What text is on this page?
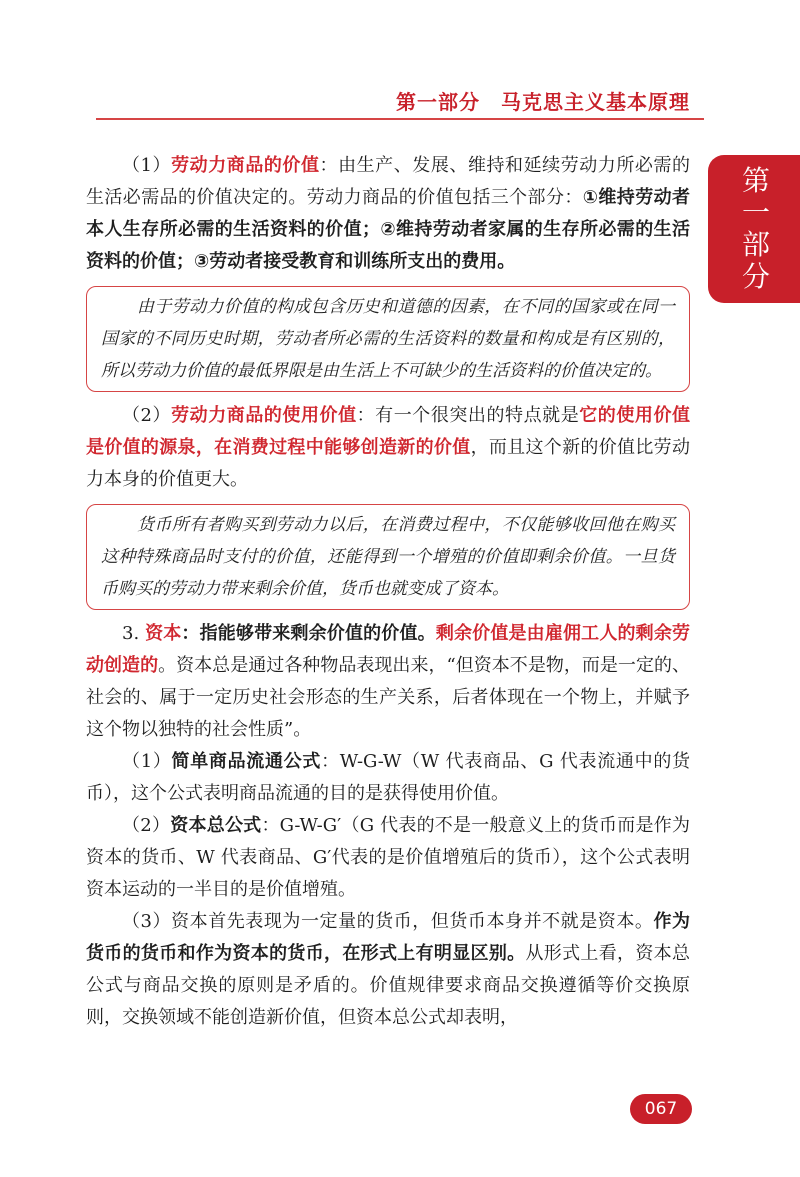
第一部分　马克思主义基本原理
第
一
部
分

（1）劳动力商品的价值：由生产、发展、维持和延续劳动力所必需的生活必需品的价值决定的。劳动力商品的价值包括三个部分：①维持劳动者本人生存所必需的生活资料的价值；②维持劳动者家属的生存所必需的生活资料的价值；③劳动者接受教育和训练所支出的费用。

由于劳动力价值的构成包含历史和道德的因素，在不同的国家或在同一国家的不同历史时期，劳动者所必需的生活资料的数量和构成是有区别的，所以劳动力价值的最低界限是由生活上不可缺少的生活资料的价值决定的。

（2）劳动力商品的使用价值：有一个很突出的特点就是它的使用价值是价值的源泉，在消费过程中能够创造新的价值，而且这个新的价值比劳动力本身的价值更大。

货币所有者购买到劳动力以后，在消费过程中，不仅能够收回他在购买这种特殊商品时支付的价值，还能得到一个增殖的价值即剩余价值。一旦货币购买的劳动力带来剩余价值，货币也就变成了资本。

3. 资本：指能够带来剩余价值的价值。剩余价值是由雇佣工人的剩余劳动创造的。资本总是通过各种物品表现出来，“但资本不是物，而是一定的、社会的、属于一定历史社会形态的生产关系，后者体现在一个物上，并赋予这个物以独特的社会性质”。

（1）简单商品流通公式：W-G-W（W 代表商品、G 代表流通中的货币），这个公式表明商品流通的目的是获得使用价值。

（2）资本总公式：G-W-G′（G 代表的不是一般意义上的货币而是作为资本的货币、W 代表商品、G′代表的是价值增殖后的货币），这个公式表明资本运动的一半目的是价值增殖。

（3）资本首先表现为一定量的货币，但货币本身并不就是资本。作为货币的货币和作为资本的货币，在形式上有明显区别。从形式上看，资本总公式与商品交换的原则是矛盾的。价值规律要求商品交换遵循等价交换原则，交换领域不能创造新价值，但资本总公式却表明，

067
